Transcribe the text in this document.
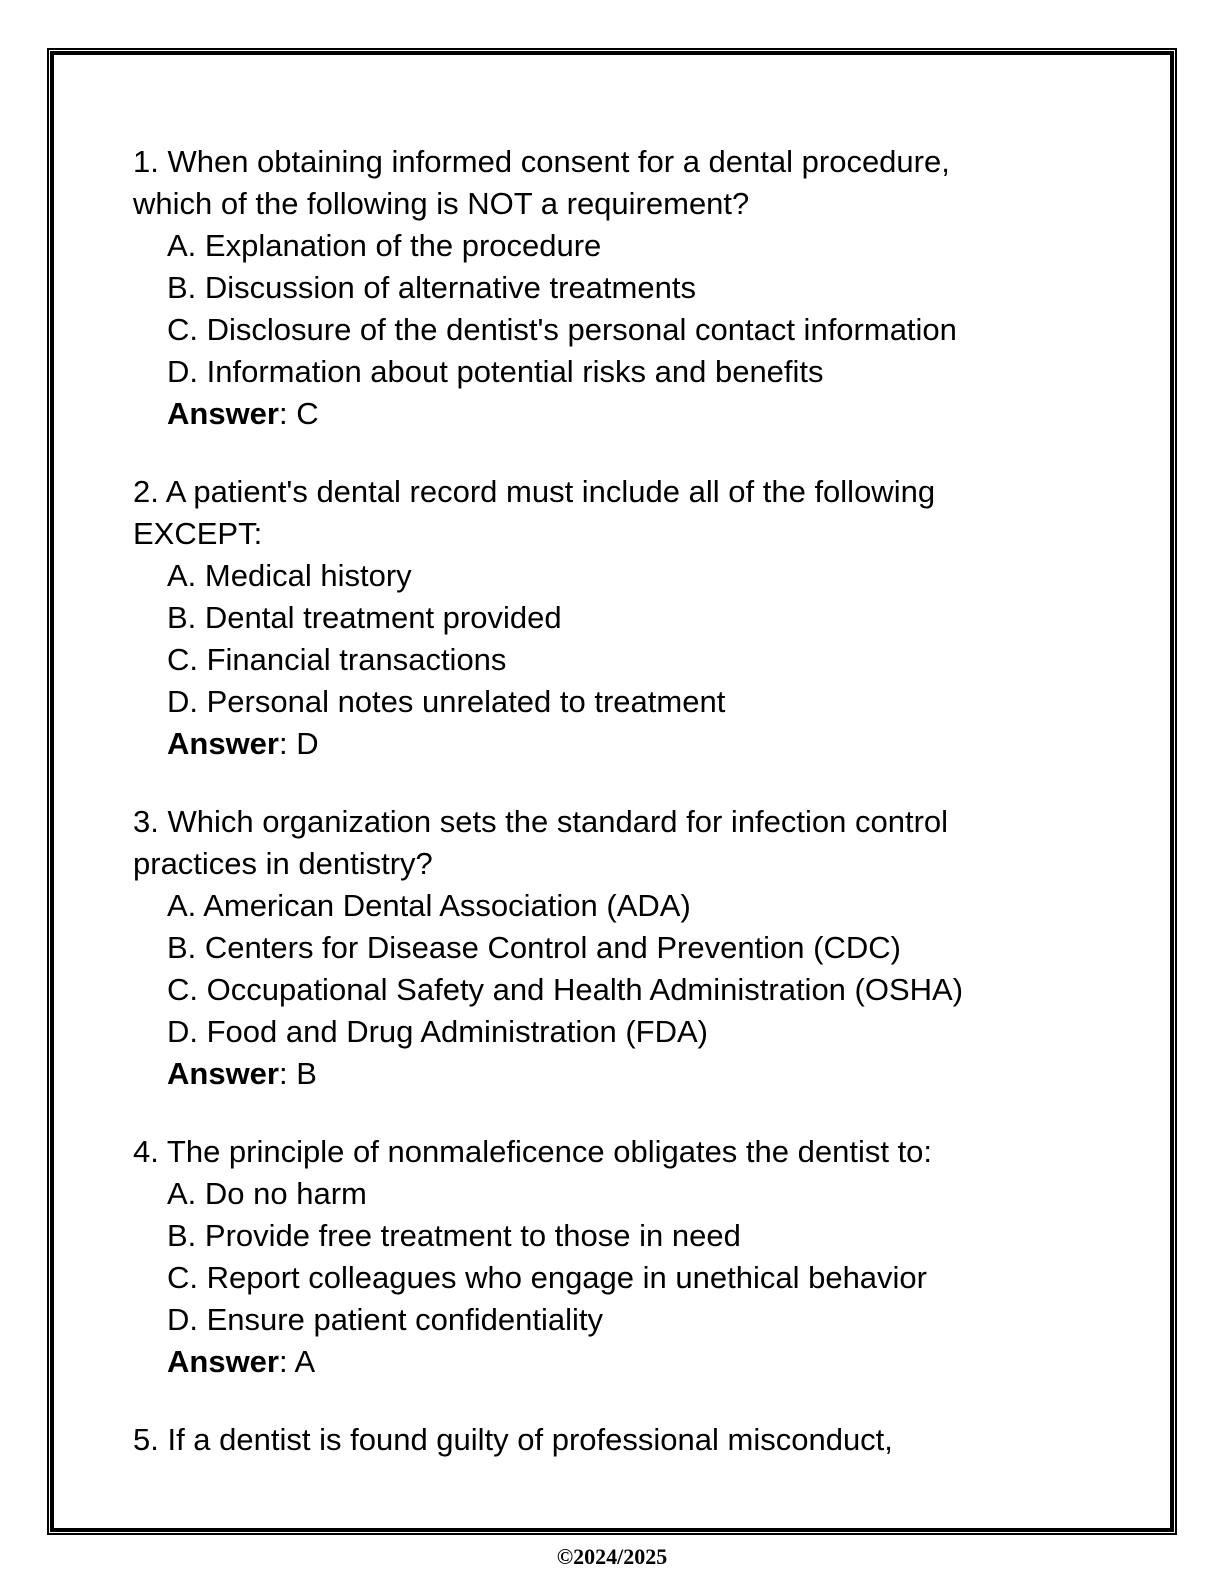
1. When obtaining informed consent for a dental procedure,
which of the following is NOT a requirement?
A. Explanation of the procedure
B. Discussion of alternative treatments
C. Disclosure of the dentist's personal contact information
D. Information about potential risks and benefits
Answer: C
2. A patient's dental record must include all of the following
EXCEPT:
A. Medical history
B. Dental treatment provided
C. Financial transactions
D. Personal notes unrelated to treatment
Answer: D
3. Which organization sets the standard for infection control
practices in dentistry?
A. American Dental Association (ADA)
B. Centers for Disease Control and Prevention (CDC)
C. Occupational Safety and Health Administration (OSHA)
D. Food and Drug Administration (FDA)
Answer: B
4. The principle of nonmaleficence obligates the dentist to:
A. Do no harm
B. Provide free treatment to those in need
C. Report colleagues who engage in unethical behavior
D. Ensure patient confidentiality
Answer: A
5. If a dentist is found guilty of professional misconduct,
©2024/2025
